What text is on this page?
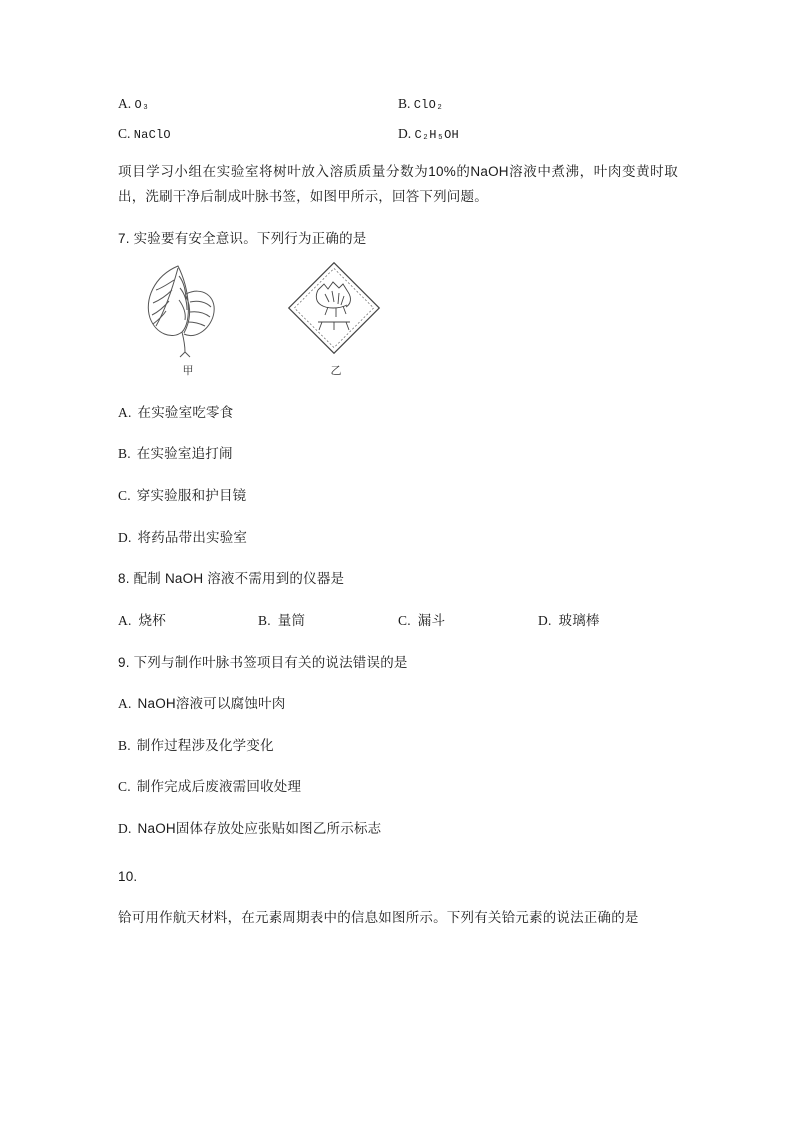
A. O₃	B. ClO₂
C. NaClO	D. C₂H₅OH
项目学习小组在实验室将树叶放入溶质质量分数为10%的NaOH溶液中煮沸，叶肉变黄时取出，洗刷干净后制成叶脉书签，如图甲所示，回答下列问题。
7. 实验要有安全意识。下列行为正确的是
甲	乙
A. 在实验室吃零食
B. 在实验室追打闹
C. 穿实验服和护目镜
D. 将药品带出实验室
8. 配制 NaOH 溶液不需用到的仪器是
A. 烧杯	B. 量筒	C. 漏斗	D. 玻璃棒
9. 下列与制作叶脉书签项目有关的说法错误的是
A. NaOH溶液可以腐蚀叶肉
B. 制作过程涉及化学变化
C. 制作完成后废液需回收处理
D. NaOH固体存放处应张贴如图乙所示标志
10.
铪可用作航天材料，在元素周期表中的信息如图所示。下列有关铪元素的说法正确的是
